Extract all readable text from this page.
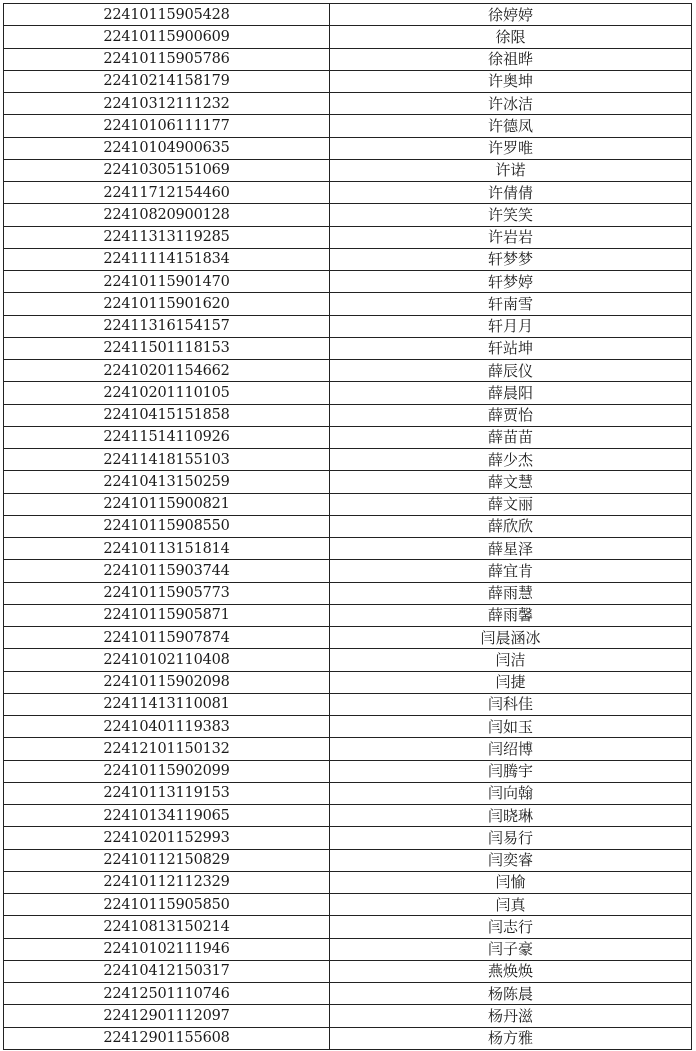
22410115905428	徐婷婷
22410115900609	徐限
22410115905786	徐祖晔
22410214158179	许奥坤
22410312111232	许冰洁
22410106111177	许德凤
22410104900635	许罗唯
22410305151069	许诺
22411712154460	许倩倩
22410820900128	许笑笑
22411313119285	许岩岩
22411114151834	轩梦梦
22410115901470	轩梦婷
22410115901620	轩南雪
22411316154157	轩月月
22411501118153	轩站坤
22410201154662	薛辰仪
22410201110105	薛晨阳
22410415151858	薛贾怡
22411514110926	薛苗苗
22411418155103	薛少杰
22410413150259	薛文慧
22410115900821	薛文丽
22410115908550	薛欣欣
22410113151814	薛星泽
22410115903744	薛宜肯
22410115905773	薛雨慧
22410115905871	薛雨馨
22410115907874	闫晨涵冰
22410102110408	闫洁
22410115902098	闫捷
22411413110081	闫科佳
22410401119383	闫如玉
22412101150132	闫绍博
22410115902099	闫腾宇
22410113119153	闫向翰
22410134119065	闫晓琳
22410201152993	闫易行
22410112150829	闫奕睿
22410112112329	闫愉
22410115905850	闫真
22410813150214	闫志行
22410102111946	闫子豪
22410412150317	燕焕焕
22412501110746	杨陈晨
22412901112097	杨丹滋
22412901155608	杨方雅
